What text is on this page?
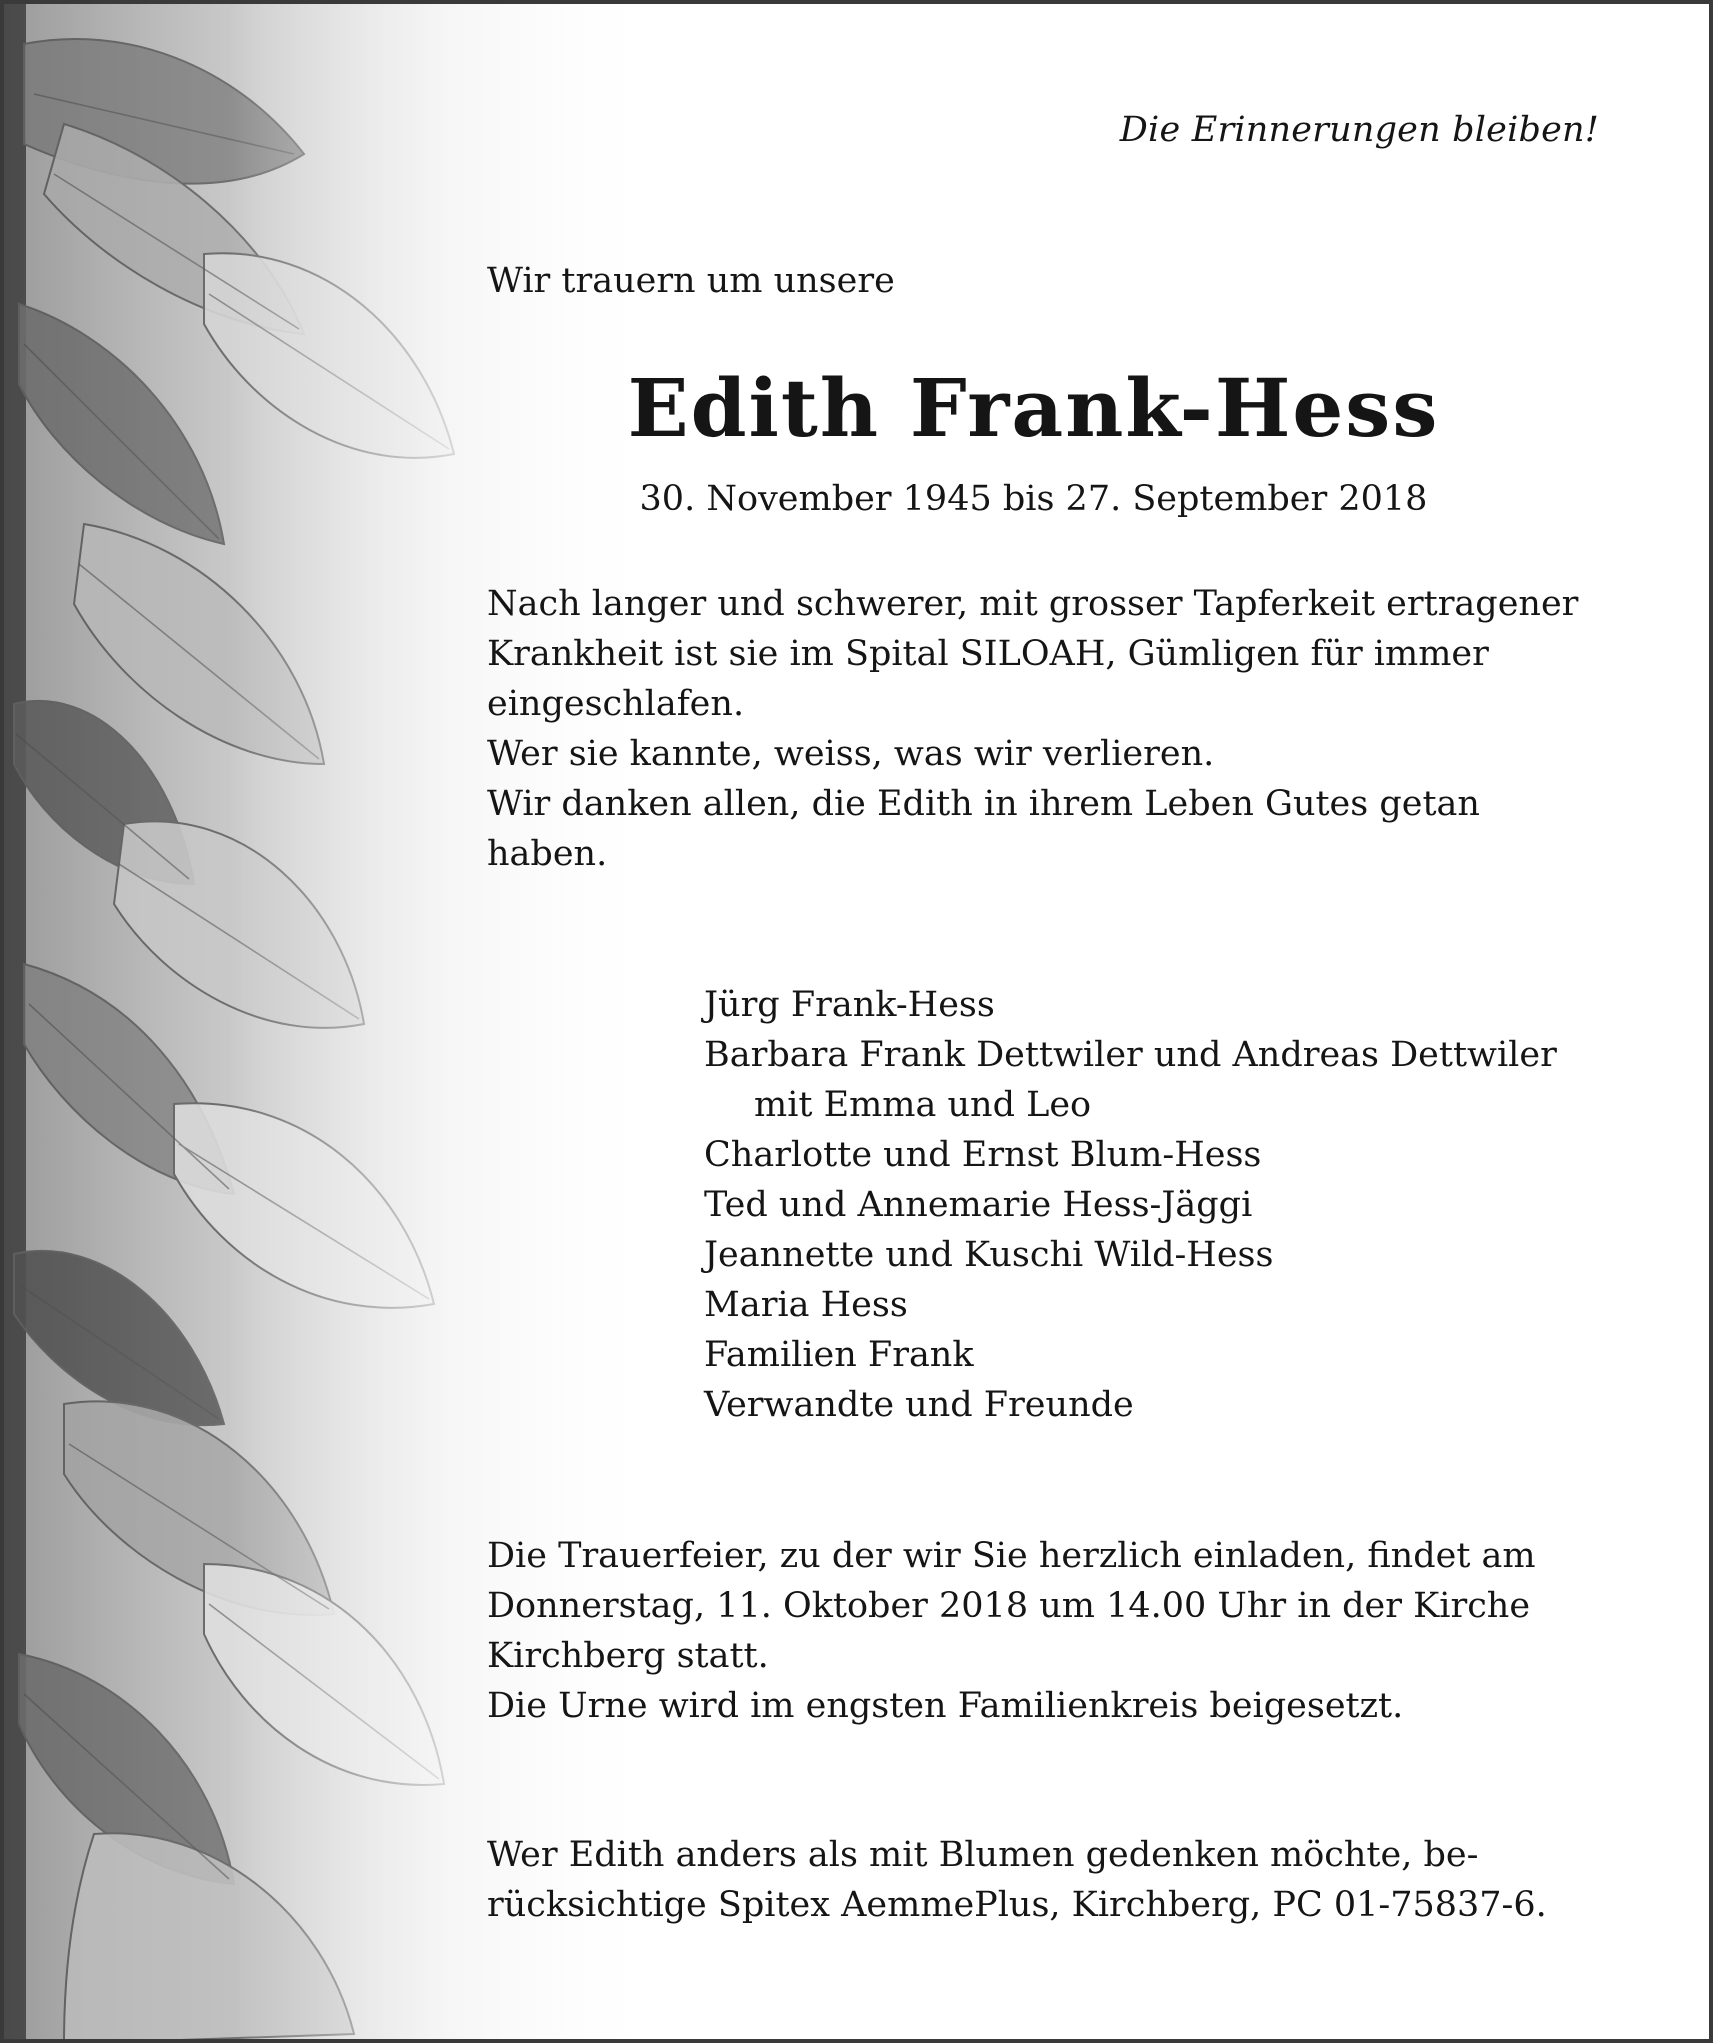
Die Erinnerungen bleiben!
Wir trauern um unsere
Edith Frank-Hess
30. November 1945 bis 27. September 2018

Nach langer und schwerer, mit grosser Tapferkeit ertragener

Krankheit ist sie im Spital SILOAH, Gümligen für immer

eingeschlafen.

Wer sie kannte, weiss, was wir verlieren.

Wir danken allen, die Edith in ihrem Leben Gutes getan

haben.

Jürg Frank-Hess
Barbara Frank Dettwiler und Andreas Dettwiler
mit Emma und Leo
Charlotte und Ernst Blum-Hess
Ted und Annemarie Hess-Jäggi
Jeannette und Kuschi Wild-Hess
Maria Hess
Familien Frank
Verwandte und Freunde

Die Trauerfeier, zu der wir Sie herzlich einladen, findet am

Donnerstag, 11. Oktober 2018 um 14.00 Uhr in der Kirche

Kirchberg statt.

Die Urne wird im engsten Familienkreis beigesetzt.

Wer Edith anders als mit Blumen gedenken möchte, be-

rücksichtige Spitex AemmePlus, Kirchberg, PC 01-75837-6.
